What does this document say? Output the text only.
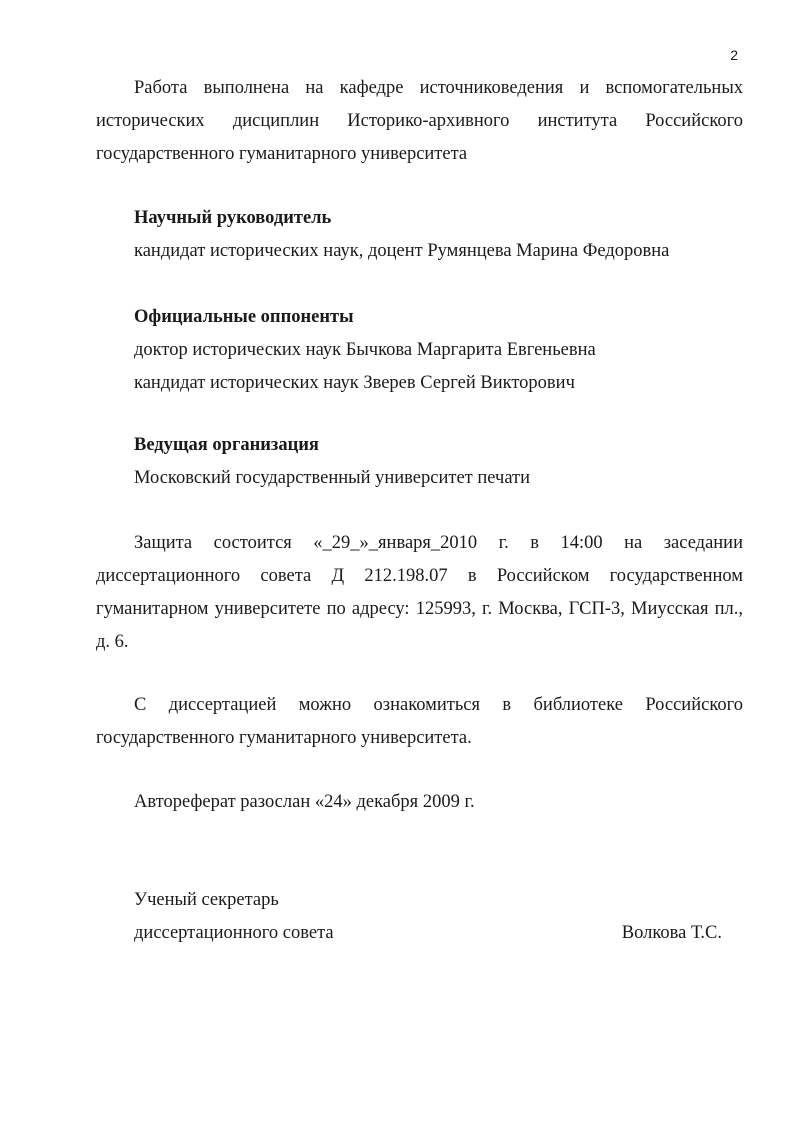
2
Работа выполнена на кафедре источниковедения и вспомогательных
исторических дисциплин Историко-архивного института Российского
государственного гуманитарного университета
Научный руководитель
кандидат исторических наук, доцент Румянцева Марина Федоровна
Официальные оппоненты
доктор исторических наук Бычкова Маргарита Евгеньевна
кандидат исторических наук Зверев Сергей Викторович
Ведущая организация
Московский государственный университет печати
Защита состоится «_29_»_января_2010 г. в 14:00 на заседании
диссертационного совета Д 212.198.07 в Российском государственном
гуманитарном университете по адресу: 125993, г. Москва, ГСП-3, Миусская пл.,
д. 6.
С диссертацией можно ознакомиться в библиотеке Российского
государственного гуманитарного университета.
Автореферат разослан «24» декабря 2009 г.
Ученый секретарь
диссертационного совета	Волкова Т.С.
